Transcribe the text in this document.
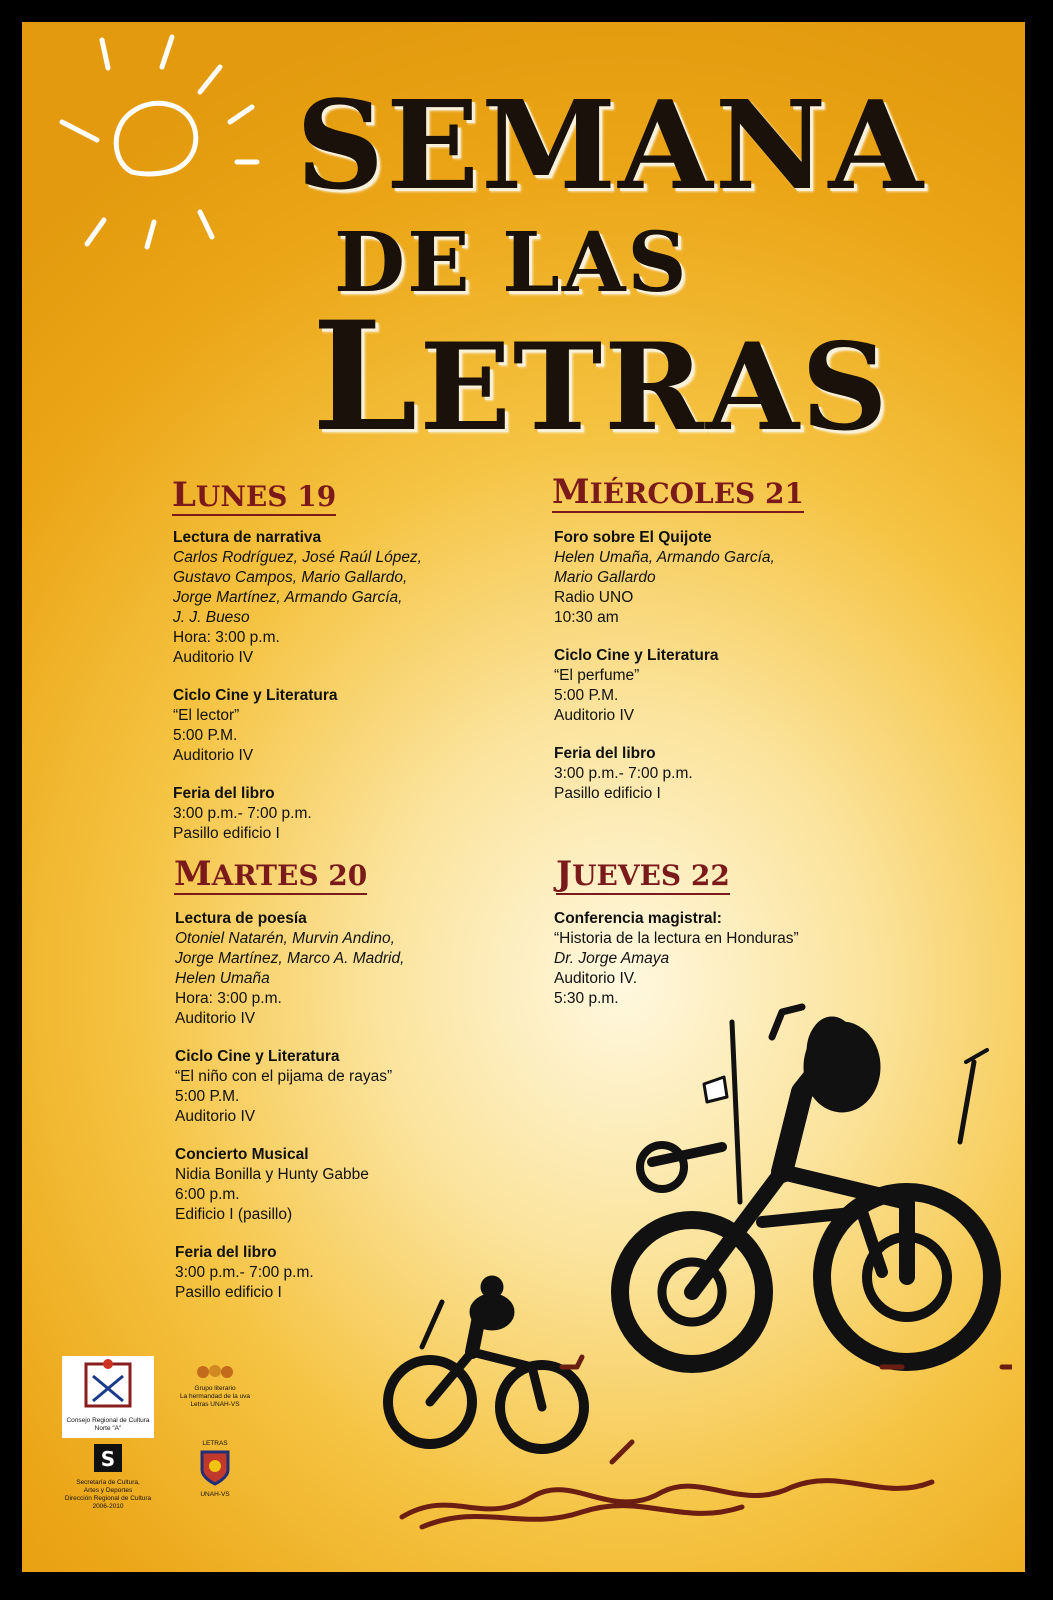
SEMANA
DE LAS
LETRAS
LUNES 19
Lectura de narrativa
Carlos Rodríguez, José Raúl López,
Gustavo Campos, Mario Gallardo,
Jorge Martínez, Armando García,
J. J. Bueso
Hora: 3:00 p.m.
Auditorio IV
Ciclo Cine y Literatura
“El lector”
5:00 P.M.
Auditorio IV
Feria del libro
3:00 p.m.- 7:00 p.m.
Pasillo edificio I
MARTES 20
Lectura de poesía
Otoniel Natarén, Murvin Andino,
Jorge Martínez, Marco A. Madrid,
Helen Umaña
Hora: 3:00 p.m.
Auditorio IV
Ciclo Cine y Literatura
“El niño con el pijama de rayas”
5:00 P.M.
Auditorio IV
Concierto Musical
Nidia Bonilla y Hunty Gabbe
6:00 p.m.
Edificio I (pasillo)
Feria del libro
3:00 p.m.- 7:00 p.m.
Pasillo edificio I
MIÉRCOLES 21
Foro sobre El Quijote
Helen Umaña, Armando García,
Mario Gallardo
Radio UNO
10:30 am
Ciclo Cine y Literatura
“El perfume”
5:00 P.M.
Auditorio IV
Feria del libro
3:00 p.m.- 7:00 p.m.
Pasillo edificio I
JUEVES 22
Conferencia magistral:
“Historia de la lectura en Honduras”
Dr. Jorge Amaya
Auditorio IV.
5:30 p.m.
Consejo Regional de Cultura Norte "A"
Grupo literario
La hermandad de la uva
Letras UNAH-VS
S
Secretaría de Cultura,
Artes y Deportes
Dirección Regional de Cultura
2006-2010
LETRAS
UNAH-VS
